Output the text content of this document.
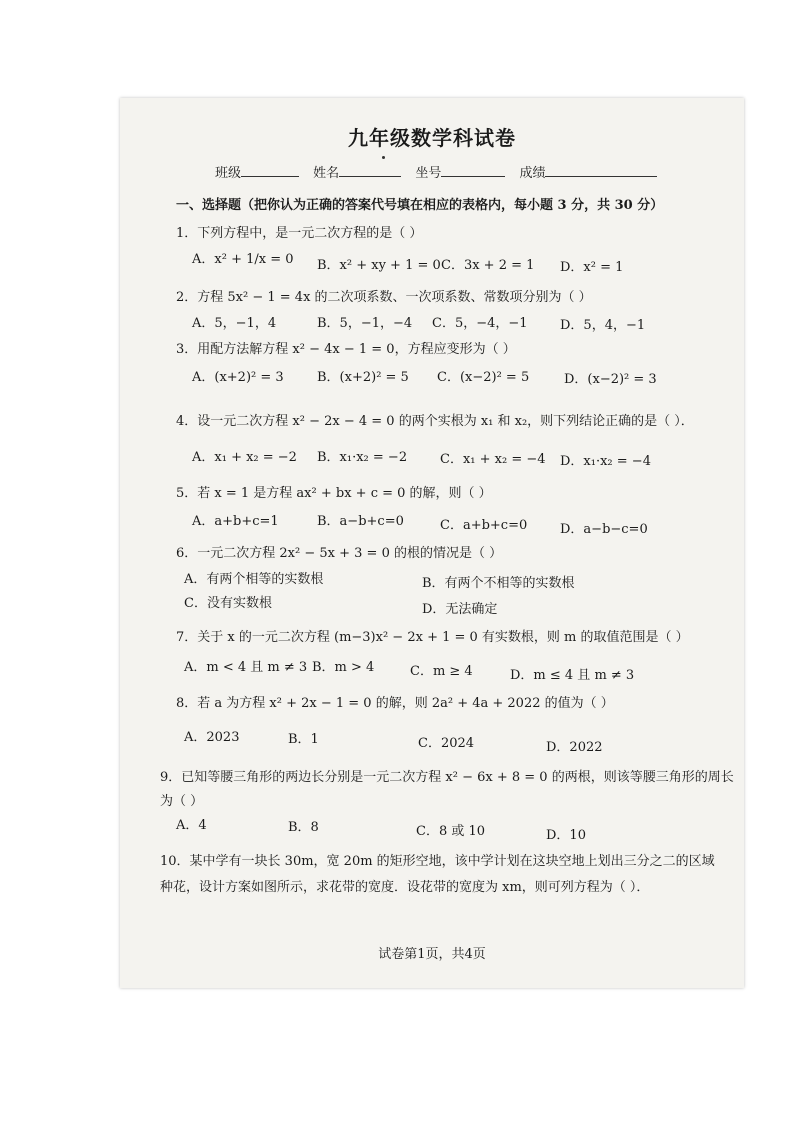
九年级数学科试卷
班级	姓名	坐号	成绩
一、选择题（把你认为正确的答案代号填在相应的表格内，每小题 3 分，共 30 分）
1．下列方程中，是一元二次方程的是（ ）
A．x² + 1/x = 0 B．x² + xy + 1 = 0 C．3x + 2 = 1 D．x² = 1
2．方程 5x² − 1 = 4x 的二次项系数、一次项系数、常数项分别为（ ）
A．5，−1，4	B．5，−1，−4 C．5，−4，−1 D．5，4，−1
3．用配方法解方程 x² − 4x − 1 = 0，方程应变形为（ ）
A．(x+2)² = 3	B．(x+2)² = 5 C．(x−2)² = 5	D．(x−2)² = 3
4．设一元二次方程 x² − 2x − 4 = 0 的两个实根为 x₁ 和 x₂，则下列结论正确的是（ ）．
A．x₁ + x₂ = −2 B．x₁·x₂ = −2	C．x₁ + x₂ = −4 D．x₁·x₂ = −4
5．若 x = 1 是方程 ax² + bx + c = 0 的解，则（ ）
A．a+b+c=1	B．a−b+c=0	C．a+b+c=0	D．a−b−c=0
6．一元二次方程 2x² − 5x + 3 = 0 的根的情况是（ ）
A．有两个相等的实数根	B．有两个不相等的实数根
C．没有实数根	D．无法确定
7．关于 x 的一元二次方程 (m−3)x² − 2x + 1 = 0 有实数根，则 m 的取值范围是（ ）
A．m < 4 且 m ≠ 3 B．m > 4	C．m ≥ 4	D．m ≤ 4 且 m ≠ 3
8．若 a 为方程 x² + 2x − 1 = 0 的解，则 2a² + 4a + 2022 的值为（ ）
A．2023	B．1	C．2024	D．2022
9．已知等腰三角形的两边长分别是一元二次方程 x² − 6x + 8 = 0 的两根，则该等腰三角形的周长
为（ ）
A．4	B．8	C．8 或 10	D．10
10．某中学有一块长 30m，宽 20m 的矩形空地，该中学计划在这块空地上划出三分之二的区域
种花，设计方案如图所示，求花带的宽度．设花带的宽度为 xm，则可列方程为（ ）．
试卷第1页，共4页
